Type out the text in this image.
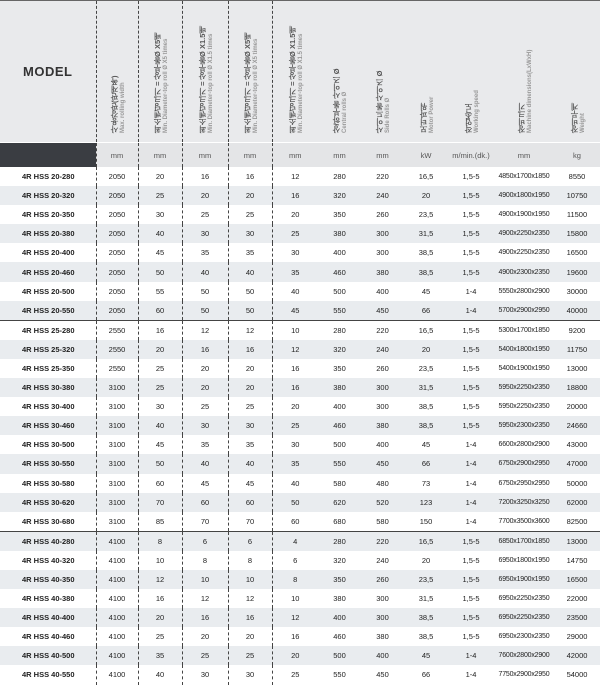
MODEL	사용강판(판재폭) Max. rolling width	최소벤딩크기 = 상부롤Ø X5배 Min. Diameter-top roll Ø X5 times	최소벤딩크기 = 상부롤Ø X1.5배 Min. Diameter-top roll Ø X1.5 times	최소벤딩크기 = 상부롤Ø X5배 Min. Diameter-top roll Ø X5 times	최소벤딩크기 = 상부롤Ø X1.5배 Min. Diameter-top roll Ø X1.5 times	상/하부롤 사이즈 Ø Central rolls Ø	사이드롤 사이즈 Ø Side Rolls Ø	모터파워 Motor Power	작업속도 Working speed	장비크기 Machine dimensions(LxWxH)	장비무게 Weight

	mm	mm	mm	mm	mm	mm	mm	kW	m/min.(dk.)	mm	kg
4R HSS 20-280	2050	20	16	16	12	280	220	16,5	1,5-5	4850x1700x1850	8550
4R HSS 20-320	2050	25	20	20	16	320	240	20	1,5-5	4900x1800x1950	10750
4R HSS 20-350	2050	30	25	25	20	350	260	23,5	1,5-5	4900x1900x1950	11500
4R HSS 20-380	2050	40	30	30	25	380	300	31,5	1,5-5	4900x2250x2350	15800
4R HSS 20-400	2050	45	35	35	30	400	300	38,5	1,5-5	4900x2250x2350	16500
4R HSS 20-460	2050	50	40	40	35	460	380	38,5	1,5-5	4900x2300x2350	19600
4R HSS 20-500	2050	55	50	50	40	500	400	45	1-4	5550x2800x2900	30000
4R HSS 20-550	2050	60	50	50	45	550	450	66	1-4	5700x2900x2950	40000
4R HSS 25-280	2550	16	12	12	10	280	220	16,5	1,5-5	5300x1700x1850	9200
4R HSS 25-320	2550	20	16	16	12	320	240	20	1,5-5	5400x1800x1950	11750
4R HSS 25-350	2550	25	20	20	16	350	260	23,5	1,5-5	5400x1900x1950	13000
4R HSS 30-380	3100	25	20	20	16	380	300	31,5	1,5-5	5950x2250x2350	18800
4R HSS 30-400	3100	30	25	25	20	400	300	38,5	1,5-5	5950x2250x2350	20000
4R HSS 30-460	3100	40	30	30	25	460	380	38,5	1,5-5	5950x2300x2350	24660
4R HSS 30-500	3100	45	35	35	30	500	400	45	1-4	6600x2800x2900	43000
4R HSS 30-550	3100	50	40	40	35	550	450	66	1-4	6750x2900x2950	47000
4R HSS 30-580	3100	60	45	45	40	580	480	73	1-4	6750x2950x2950	50000
4R HSS 30-620	3100	70	60	60	50	620	520	123	1-4	7200x3250x3250	62000
4R HSS 30-680	3100	85	70	70	60	680	580	150	1-4	7700x3500x3600	82500
4R HSS 40-280	4100	8	6	6	4	280	220	16,5	1,5-5	6850x1700x1850	13000
4R HSS 40-320	4100	10	8	8	6	320	240	20	1,5-5	6950x1800x1950	14750
4R HSS 40-350	4100	12	10	10	8	350	260	23,5	1,5-5	6950x1900x1950	16500
4R HSS 40-380	4100	16	12	12	10	380	300	31,5	1,5-5	6950x2250x2350	22000
4R HSS 40-400	4100	20	16	16	12	400	300	38,5	1,5-5	6950x2250x2350	23500
4R HSS 40-460	4100	25	20	20	16	460	380	38,5	1,5-5	6950x2300x2350	29000
4R HSS 40-500	4100	35	25	25	20	500	400	45	1-4	7600x2800x2900	42000
4R HSS 40-550	4100	40	30	30	25	550	450	66	1-4	7750x2900x2950	54000
